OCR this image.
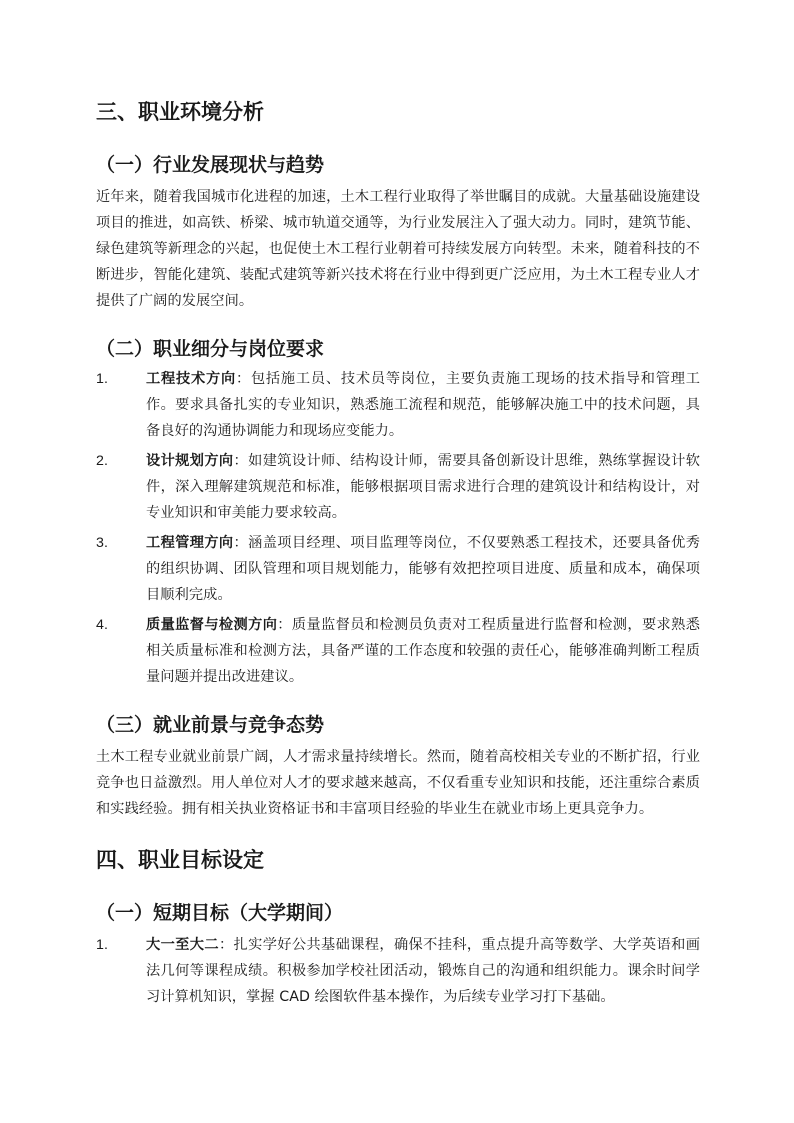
三、职业环境分析
（一）行业发展现状与趋势

近年来，随着我国城市化进程的加速，土木工程行业取得了举世瞩目的成就。大量基础设施建设项目的推进，如高铁、桥梁、城市轨道交通等，为行业发展注入了强大动力。同时，建筑节能、绿色建筑等新理念的兴起，也促使土木工程行业朝着可持续发展方向转型。未来，随着科技的不断进步，智能化建筑、装配式建筑等新兴技术将在行业中得到更广泛应用，为土木工程专业人才提供了广阔的发展空间。

（二）职业细分与岗位要求
1.	工程技术方向：包括施工员、技术员等岗位，主要负责施工现场的技术指导和管理工作。要求具备扎实的专业知识，熟悉施工流程和规范，能够解决施工中的技术问题，具备良好的沟通协调能力和现场应变能力。
2.	设计规划方向：如建筑设计师、结构设计师，需要具备创新设计思维，熟练掌握设计软件，深入理解建筑规范和标准，能够根据项目需求进行合理的建筑设计和结构设计，对专业知识和审美能力要求较高。
3.	工程管理方向：涵盖项目经理、项目监理等岗位，不仅要熟悉工程技术，还要具备优秀的组织协调、团队管理和项目规划能力，能够有效把控项目进度、质量和成本，确保项目顺利完成。
4.	质量监督与检测方向：质量监督员和检测员负责对工程质量进行监督和检测，要求熟悉相关质量标准和检测方法，具备严谨的工作态度和较强的责任心，能够准确判断工程质量问题并提出改进建议。
（三）就业前景与竞争态势

土木工程专业就业前景广阔，人才需求量持续增长。然而，随着高校相关专业的不断扩招，行业竞争也日益激烈。用人单位对人才的要求越来越高，不仅看重专业知识和技能，还注重综合素质和实践经验。拥有相关执业资格证书和丰富项目经验的毕业生在就业市场上更具竞争力。

四、职业目标设定
（一）短期目标（大学期间）
1.	大一至大二：扎实学好公共基础课程，确保不挂科，重点提升高等数学、大学英语和画法几何等课程成绩。积极参加学校社团活动，锻炼自己的沟通和组织能力。课余时间学习计算机知识，掌握 CAD 绘图软件基本操作，为后续专业学习打下基础。
